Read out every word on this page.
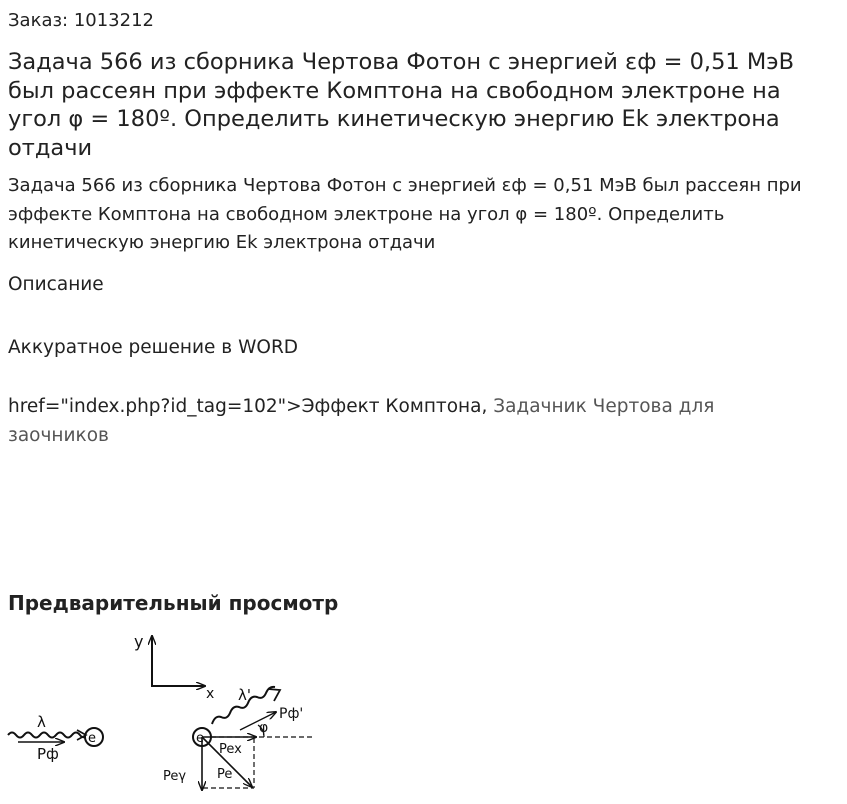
Заказ: 1013212
Задача 566 из сборника Чертова Фотон с энергией εф = 0,51 МэВ был рассеян при эффекте Комптона на свободном электроне на угол φ = 180º. Определить кинетическую энергию Ek электрона отдачи

Задача 566 из сборника Чертова Фотон с энергией εф = 0,51 МэВ был рассеян при эффекте Комптона на свободном электроне на угол φ = 180º. Определить кинетическую энергию Ek электрона отдачи

Описание
Аккуратное решение в WORD
href="index.php?id_tag=102">Эффект Комптона, Задачник Чертова для заочников
Предварительный просмотр
y
x
λ
Pф
e	e
λ'
Pф'
φ
Pex
Peγ Pe
